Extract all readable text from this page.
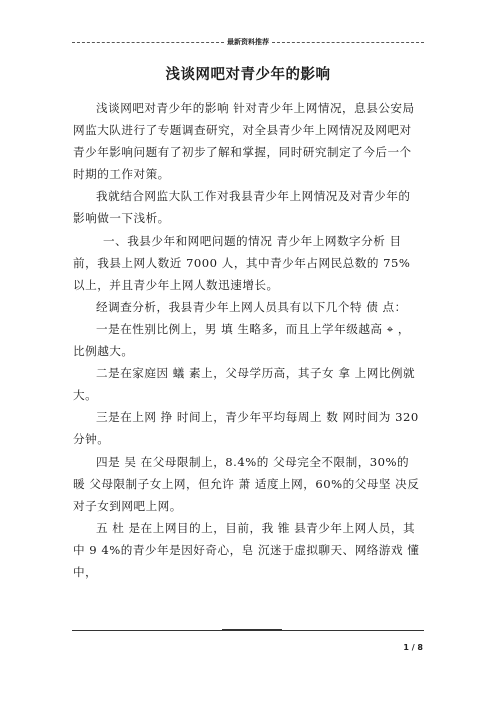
最新资料推荐
浅谈网吧对青少年的影响

浅谈网吧对青少年的影响 针对青少年上网情况，息县公安局网监大队进行了专题调查研究，对全县青少年上网情况及网吧对青少年影响问题有了初步了解和掌握，同时研究制定了今后一个时期的工作对策。

我就结合网监大队工作对我县青少年上网情况及对青少年的影响做一下浅析。

一、我县少年和网吧问题的情况 青少年上网数字分析 目前，我县上网人数近 7000 人，其中青少年占网民总数的 75%以上，并且青少年上网人数迅速增长。

经调查分析，我县青少年上网人员具有以下几个特 债 点：

一是在性别比例上，男 填 生略多，而且上学年级越高 ⌖ ，比例越大。

二是在家庭因 蟻 素上，父母学历高，其子女 拿 上网比例就大。

三是在上网 挣 时间上，青少年平均每周上 数 网时间为 320 分钟。

四是 吴 在父母限制上，8.4%的 父母完全不限制，30%的 暖 父母限制子女上网，但允许 萧 适度上网，60%的父母坚 决反对子女到网吧上网。

五 杜 是在上网目的上，目前，我 锥 县青少年上网人员，其中 9 4%的青少年是因好奇心，皂 沉迷于虚拟聊天、网络游戏 懂 中，

1 / 8
